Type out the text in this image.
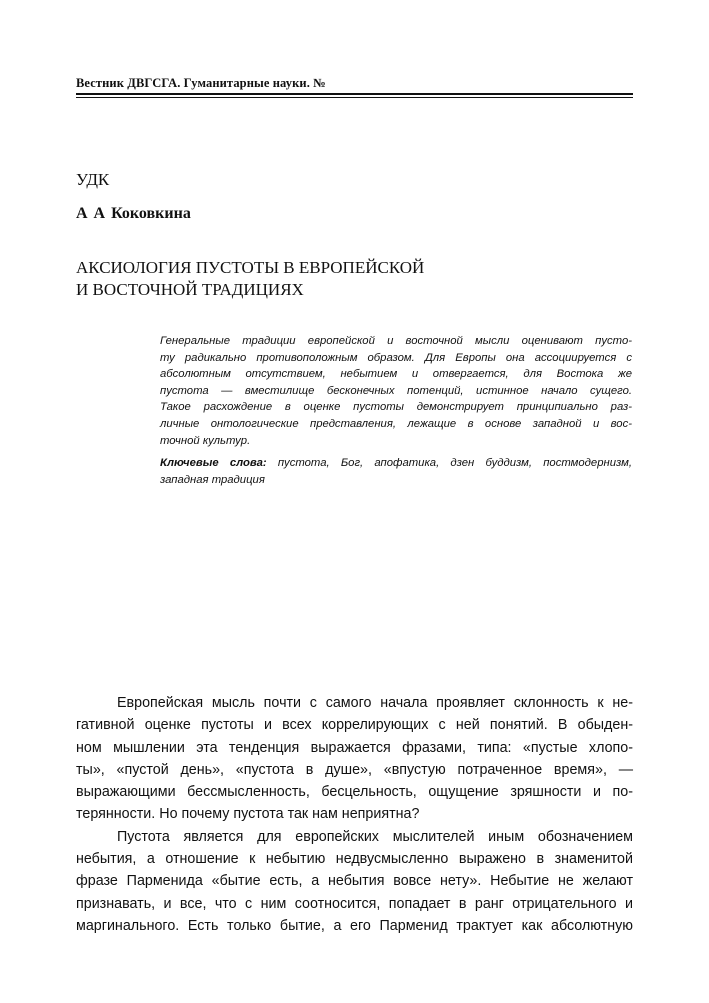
Вестник ДВГСГА. Гуманитарные науки. №
УДК
А А Коковкина
АКСИОЛОГИЯ ПУСТОТЫ В ЕВРОПЕЙСКОЙ
И ВОСТОЧНОЙ ТРАДИЦИЯХ
Генеральные традиции европейской и восточной мысли оценивают пусто-
ту радикально противоположным образом. Для Европы она ассоциируется с
абсолютным отсутствием, небытием и отвергается, для Востока же
пустота — вместилище бесконечных потенций, истинное начало сущего.
Такое расхождение в оценке пустоты демонстрирует принципиально раз-
личные онтологические представления, лежащие в основе западной и вос-
точной культур.
Ключевые слова: пустота, Бог, апофатика, дзен буддизм, постмодернизм,
западная традиция
Европейская мысль почти с самого начала проявляет склонность к не-
гативной оценке пустоты и всех коррелирующих с ней понятий. В обыден-
ном мышлении эта тенденция выражается фразами, типа: «пустые хлопо-
ты», «пустой день», «пустота в душе», «впустую потраченное время», —
выражающими бессмысленность, бесцельность, ощущение зряшности и по-
терянности. Но почему пустота так нам неприятна?
Пустота является для европейских мыслителей иным обозначением
небытия, а отношение к небытию недвусмысленно выражено в знаменитой
фразе Парменида «бытие есть, а небытия вовсе нету». Небытие не желают
признавать, и все, что с ним соотносится, попадает в ранг отрицательного и
маргинального. Есть только бытие, а его Парменид трактует как абсолютную
